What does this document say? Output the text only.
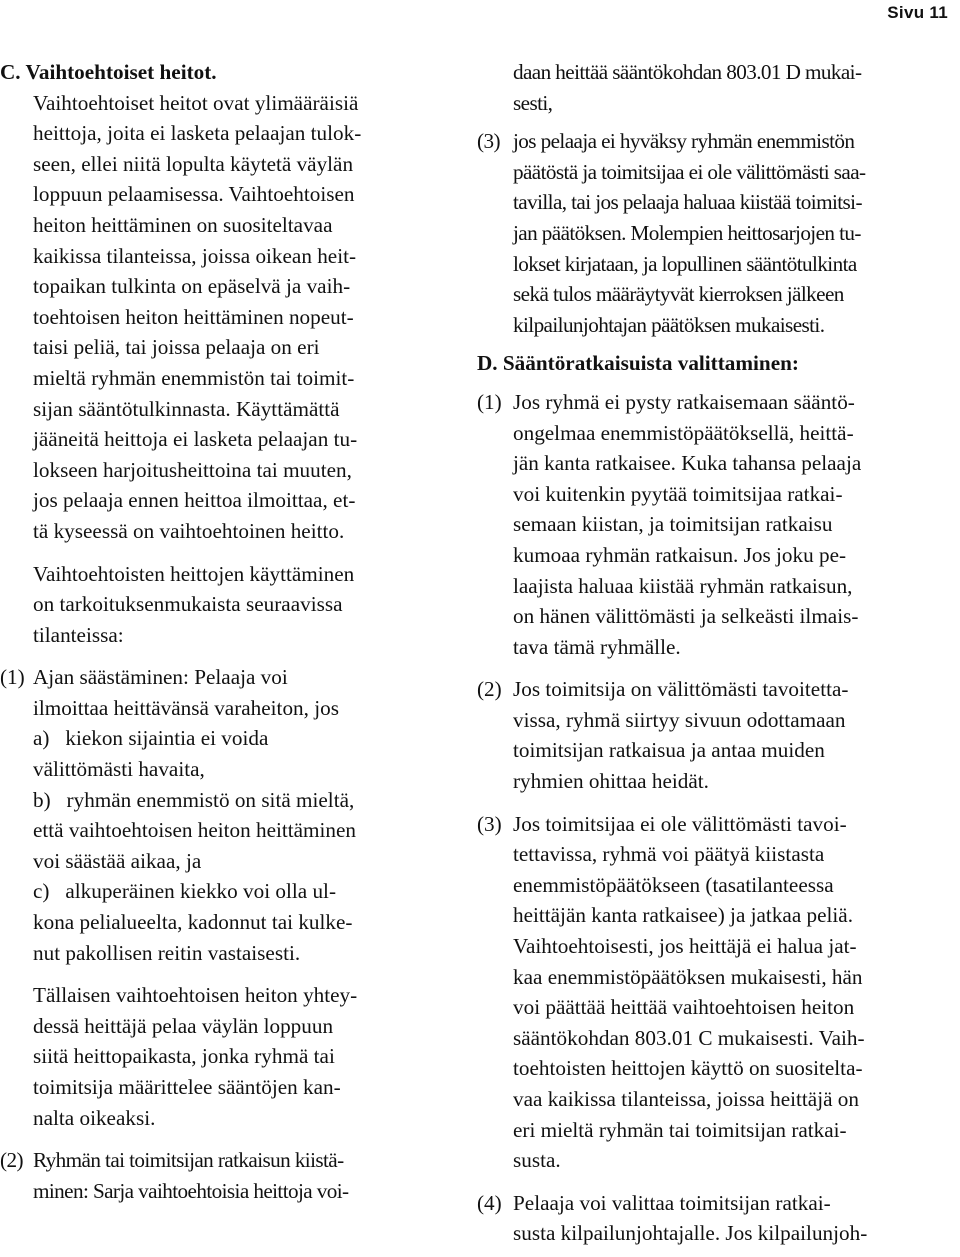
Sivu 11

C. Vaihtoehtoiset heitot.

Vaihtoehtoiset heitot ovat ylimääräisiä
heittoja, joita ei lasketa pelaajan tulok-
seen, ellei niitä lopulta käytetä väylän
loppuun pelaamisessa. Vaihtoehtoisen
heiton heittäminen on suositeltavaa
kaikissa tilanteissa, joissa oikean heit-
topaikan tulkinta on epäselvä ja vaih-
toehtoisen heiton heittäminen nopeut-
taisi peliä, tai joissa pelaaja on eri
mieltä ryhmän enemmistön tai toimit-
sijan sääntötulkinnasta. Käyttämättä
jääneitä heittoja ei lasketa pelaajan tu-
lokseen harjoitusheittoina tai muuten,
jos pelaaja ennen heittoa ilmoittaa, et-
tä kyseessä on vaihtoehtoinen heitto.
Vaihtoehtoisten heittojen käyttäminen
on tarkoituksenmukaista seuraavissa
tilanteissa:
(1) Ajan säästäminen: Pelaaja voi
ilmoittaa heittävänsä varaheiton, jos
a)   kiekon sijaintia ei voida
välittömästi havaita,
b)   ryhmän enemmistö on sitä mieltä,
että vaihtoehtoisen heiton heittäminen
voi säästää aikaa, ja
c)   alkuperäinen kiekko voi olla ul-
kona pelialueelta, kadonnut tai kulke-
nut pakollisen reitin vastaisesti.
Tällaisen vaihtoehtoisen heiton yhtey-
dessä heittäjä pelaa väylän loppuun
siitä heittopaikasta, jonka ryhmä tai
toimitsija määrittelee sääntöjen kan-
nalta oikeaksi.
(2) Ryhmän tai toimitsijan ratkaisun kiistä-
minen: Sarja vaihtoehtoisia heittoja voi-
daan heittää sääntökohdan 803.01 D mukai-
sesti,
(3) jos pelaaja ei hyväksy ryhmän enemmistön
päätöstä ja toimitsijaa ei ole välittömästi saa-
tavilla, tai jos pelaaja haluaa kiistää toimitsi-
jan päätöksen. Molempien heittosarjojen tu-
lokset kirjataan, ja lopullinen sääntötulkinta
sekä tulos määräytyvät kierroksen jälkeen
kilpailunjohtajan päätöksen mukaisesti.

D. Sääntöratkaisuista valittaminen:

(1) Jos ryhmä ei pysty ratkaisemaan sääntö-
ongelmaa enemmistöpäätöksellä, heittä-
jän kanta ratkaisee. Kuka tahansa pelaaja
voi kuitenkin pyytää toimitsijaa ratkai-
semaan kiistan, ja toimitsijan ratkaisu
kumoaa ryhmän ratkaisun. Jos joku pe-
laajista haluaa kiistää ryhmän ratkaisun,
on hänen välittömästi ja selkeästi ilmais-
tava tämä ryhmälle.
(2) Jos toimitsija on välittömästi tavoitetta-
vissa, ryhmä siirtyy sivuun odottamaan
toimitsijan ratkaisua ja antaa muiden
ryhmien ohittaa heidät.
(3) Jos toimitsijaa ei ole välittömästi tavoi-
tettavissa, ryhmä voi päätyä kiistasta
enemmistöpäätökseen (tasatilanteessa
heittäjän kanta ratkaisee) ja jatkaa peliä.
Vaihtoehtoisesti, jos heittäjä ei halua jat-
kaa enemmistöpäätöksen mukaisesti, hän
voi päättää heittää vaihtoehtoisen heiton
sääntökohdan 803.01 C mukaisesti. Vaih-
toehtoisten heittojen käyttö on suositelta-
vaa kaikissa tilanteissa, joissa heittäjä on
eri mieltä ryhmän tai toimitsijan ratkai-
susta.
(4) Pelaaja voi valittaa toimitsijan ratkai-
susta kilpailunjohtajalle. Jos kilpailunjoh-
